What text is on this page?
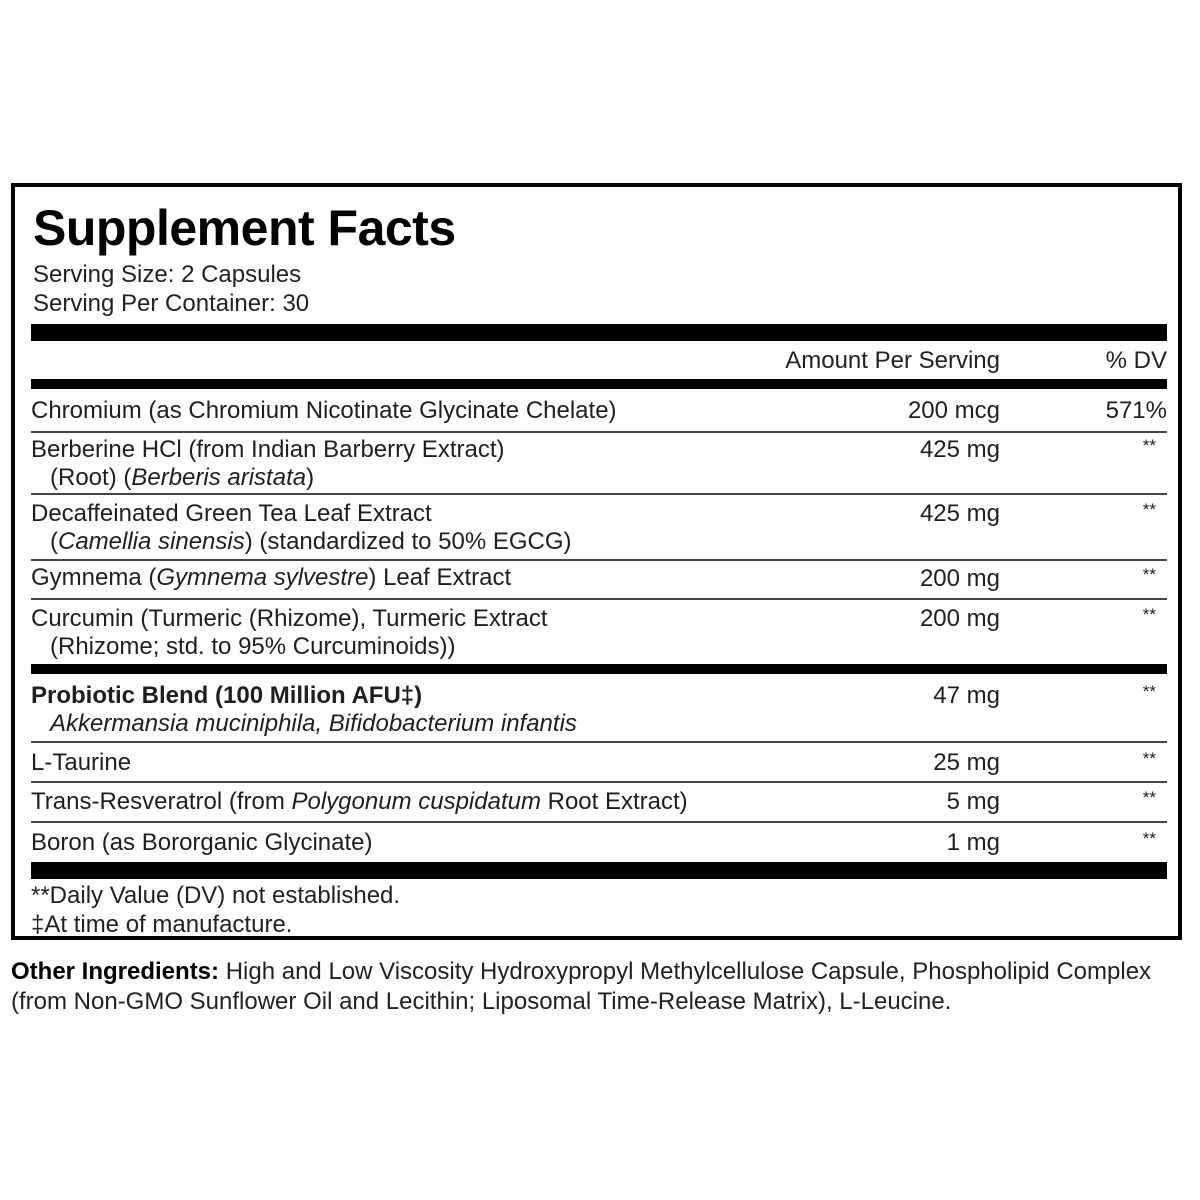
Supplement Facts
Serving Size: 2 Capsules
Serving Per Container: 30
Amount Per Serving	% DV
Chromium (as Chromium Nicotinate Glycinate Chelate)	200 mcg	571%
Berberine HCl (from Indian Barberry Extract)
(Root) (Berberis aristata)
425 mg	**
Decaffeinated Green Tea Leaf Extract
(Camellia sinensis) (standardized to 50% EGCG)
425 mg	**
Gymnema (Gymnema sylvestre) Leaf Extract	200 mg	**
Curcumin (Turmeric (Rhizome), Turmeric Extract
(Rhizome; std. to 95% Curcuminoids))
200 mg	**
Probiotic Blend (100 Million AFU‡)
Akkermansia muciniphila, Bifidobacterium infantis
47 mg	**
L-Taurine	25 mg	**
Trans-Resveratrol (from Polygonum cuspidatum Root Extract)	5 mg	**
Boron (as Bororganic Glycinate)	1 mg	**
**Daily Value (DV) not established.
‡At time of manufacture.
Other Ingredients: High and Low Viscosity Hydroxypropyl Methylcellulose Capsule, Phospholipid Complex (from Non-GMO Sunflower Oil and Lecithin; Liposomal Time-Release Matrix), L-Leucine.
